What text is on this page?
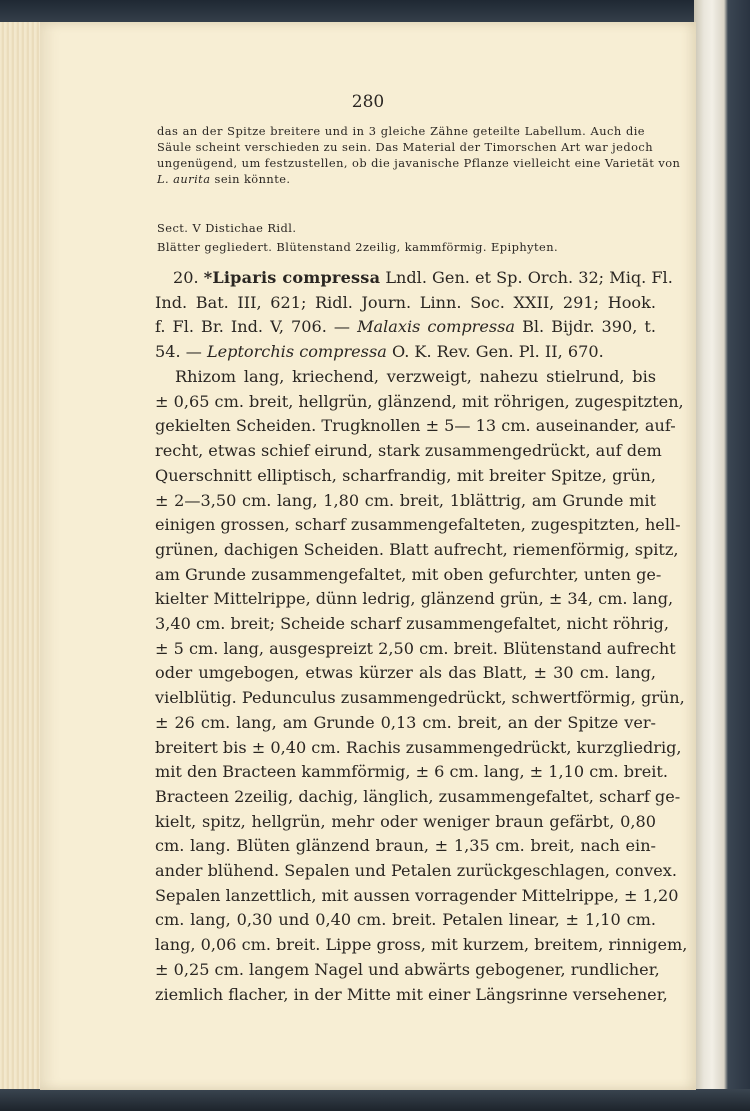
280
das an der Spitze breitere und in 3 gleiche Zähne geteilte Labellum. Auch die
Säule scheint verschieden zu sein. Das Material der Timorschen Art war jedoch
ungenügend, um festzustellen, ob die javanische Pflanze vielleicht eine Varietät von
L. aurita sein könnte.
Sect. V Distichae Ridl.
Blätter gegliedert. Blütenstand 2zeilig, kammförmig. Epiphyten.
20. *Liparis compressa Lndl. Gen. et Sp. Orch. 32; Miq. Fl.
Ind. Bat. III, 621; Ridl. Journ. Linn. Soc. XXII, 291; Hook.
f. Fl. Br. Ind. V, 706. — Malaxis compressa Bl. Bijdr. 390, t.
54. — Leptorchis compressa O. K. Rev. Gen. Pl. II, 670.
Rhizom lang, kriechend, verzweigt, nahezu stielrund, bis
± 0,65 cm. breit, hellgrün, glänzend, mit röhrigen, zugespitzten,
gekielten Scheiden. Trugknollen ± 5— 13 cm. auseinander, auf-
recht, etwas schief eirund, stark zusammengedrückt, auf dem
Querschnitt elliptisch, scharfrandig, mit breiter Spitze, grün,
± 2—3,50 cm. lang, 1,80 cm. breit, 1blättrig, am Grunde mit
einigen grossen, scharf zusammengefalteten, zugespitzten, hell-
grünen, dachigen Scheiden. Blatt aufrecht, riemenförmig, spitz,
am Grunde zusammengefaltet, mit oben gefurchter, unten ge-
kielter Mittelrippe, dünn ledrig, glänzend grün, ± 34, cm. lang,
3,40 cm. breit; Scheide scharf zusammengefaltet, nicht röhrig,
± 5 cm. lang, ausgespreizt 2,50 cm. breit. Blütenstand aufrecht
oder umgebogen, etwas kürzer als das Blatt, ± 30 cm. lang,
vielblütig. Pedunculus zusammengedrückt, schwertförmig, grün,
± 26 cm. lang, am Grunde 0,13 cm. breit, an der Spitze ver-
breitert bis ± 0,40 cm. Rachis zusammengedrückt, kurzgliedrig,
mit den Bracteen kammförmig, ± 6 cm. lang, ± 1,10 cm. breit.
Bracteen 2zeilig, dachig, länglich, zusammengefaltet, scharf ge-
kielt, spitz, hellgrün, mehr oder weniger braun gefärbt, 0,80
cm. lang. Blüten glänzend braun, ± 1,35 cm. breit, nach ein-
ander blühend. Sepalen und Petalen zurückgeschlagen, convex.
Sepalen lanzettlich, mit aussen vorragender Mittelrippe, ± 1,20
cm. lang, 0,30 und 0,40 cm. breit. Petalen linear, ± 1,10 cm.
lang, 0,06 cm. breit. Lippe gross, mit kurzem, breitem, rinnigem,
± 0,25 cm. langem Nagel und abwärts gebogener, rundlicher,
ziemlich flacher, in der Mitte mit einer Längsrinne versehener,
